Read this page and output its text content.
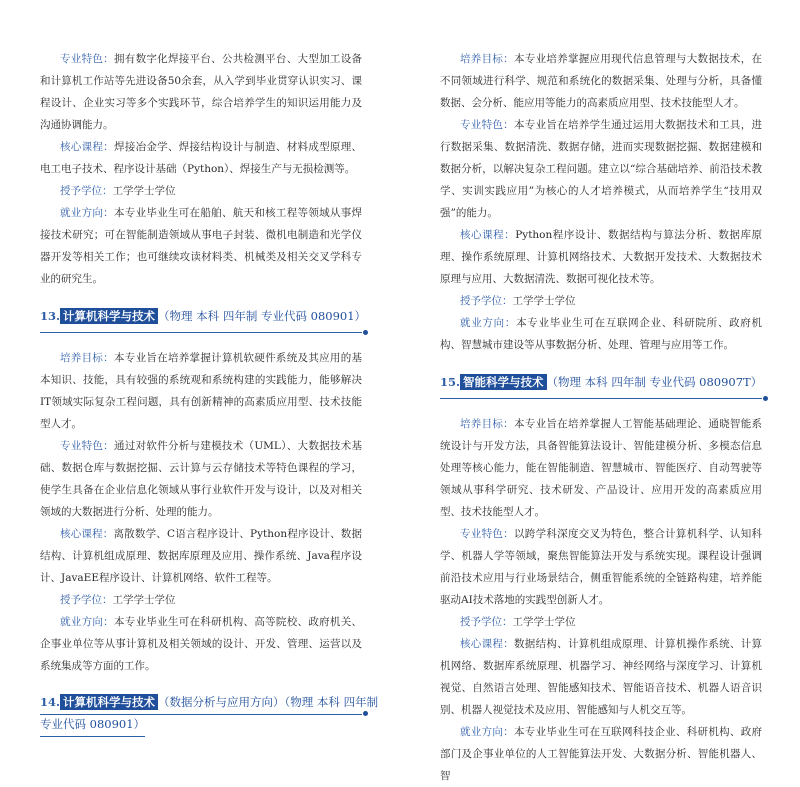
专业特色：拥有数字化焊接平台、公共检测平台、大型加工设备和计算机工作站等先进设备50余套，从入学到毕业贯穿认识实习、课程设计、企业实习等多个实践环节，综合培养学生的知识运用能力及沟通协调能力。

核心课程：焊接冶金学、焊接结构设计与制造、材料成型原理、电工电子技术、程序设计基础（Python）、焊接生产与无损检测等。

授予学位：工学学士学位

就业方向：本专业毕业生可在船舶、航天和核工程等领域从事焊接技术研究；可在智能制造领域从事电子封装、微机电制造和光学仪器开发等相关工作；也可继续攻读材料类、机械类及相关交叉学科专业的研究生。

13. 计算机科学与技术 （物理 本科 四年制 专业代码 080901）

培养目标：本专业旨在培养掌握计算机软硬件系统及其应用的基本知识、技能，具有较强的系统观和系统构建的实践能力，能够解决IT领域实际复杂工程问题，具有创新精神的高素质应用型、技术技能型人才。

专业特色：通过对软件分析与建模技术（UML）、大数据技术基础、数据仓库与数据挖掘、云计算与云存储技术等特色课程的学习，使学生具备在企业信息化领域从事行业软件开发与设计，以及对相关领域的大数据进行分析、处理的能力。

核心课程：离散数学、C语言程序设计、Python程序设计、数据结构、计算机组成原理、数据库原理及应用、操作系统、Java程序设计、JavaEE程序设计、计算机网络、软件工程等。

授予学位：工学学士学位

就业方向：本专业毕业生可在科研机构、高等院校、政府机关、企事业单位等从事计算机及相关领域的设计、开发、管理、运营以及系统集成等方面的工作。

14. 计算机科学与技术 （数据分析与应用方向）（物理 本科 四年制
专业代码 080901）

培养目标：本专业培养掌握应用现代信息管理与大数据技术，在不同领域进行科学、规范和系统化的数据采集、处理与分析，具备懂数据、会分析、能应用等能力的高素质应用型、技术技能型人才。

专业特色：本专业旨在培养学生通过运用大数据技术和工具，进行数据采集、数据清洗、数据存储，进而实现数据挖掘、数据建模和数据分析，以解决复杂工程问题。建立以“综合基础培养、前沿技术教学、实训实践应用”为核心的人才培养模式，从而培养学生“技用双强”的能力。

核心课程：Python程序设计、数据结构与算法分析、数据库原理、操作系统原理、计算机网络技术、大数据开发技术、大数据技术原理与应用、大数据清洗、数据可视化技术等。

授予学位：工学学士学位

就业方向：本专业毕业生可在互联网企业、科研院所、政府机构、智慧城市建设等从事数据分析、处理、管理与应用等工作。

15. 智能科学与技术 （物理 本科 四年制 专业代码 080907T）

培养目标：本专业旨在培养掌握人工智能基础理论、通晓智能系统设计与开发方法，具备智能算法设计、智能建模分析、多模态信息处理等核心能力，能在智能制造、智慧城市、智能医疗、自动驾驶等领域从事科学研究、技术研发、产品设计、应用开发的高素质应用型、技术技能型人才。

专业特色：以跨学科深度交叉为特色，整合计算机科学、认知科学、机器人学等领域，聚焦智能算法开发与系统实现。课程设计强调前沿技术应用与行业场景结合，侧重智能系统的全链路构建，培养能驱动AI技术落地的实践型创新人才。

授予学位：工学学士学位

核心课程：数据结构、计算机组成原理、计算机操作系统、计算机网络、数据库系统原理、机器学习、神经网络与深度学习、计算机视觉、自然语言处理、智能感知技术、智能语音技术、机器人语音识别、机器人视觉技术及应用、智能感知与人机交互等。

就业方向：本专业毕业生可在互联网科技企业、科研机构、政府部门及企事业单位的人工智能算法开发、大数据分析、智能机器人、智
